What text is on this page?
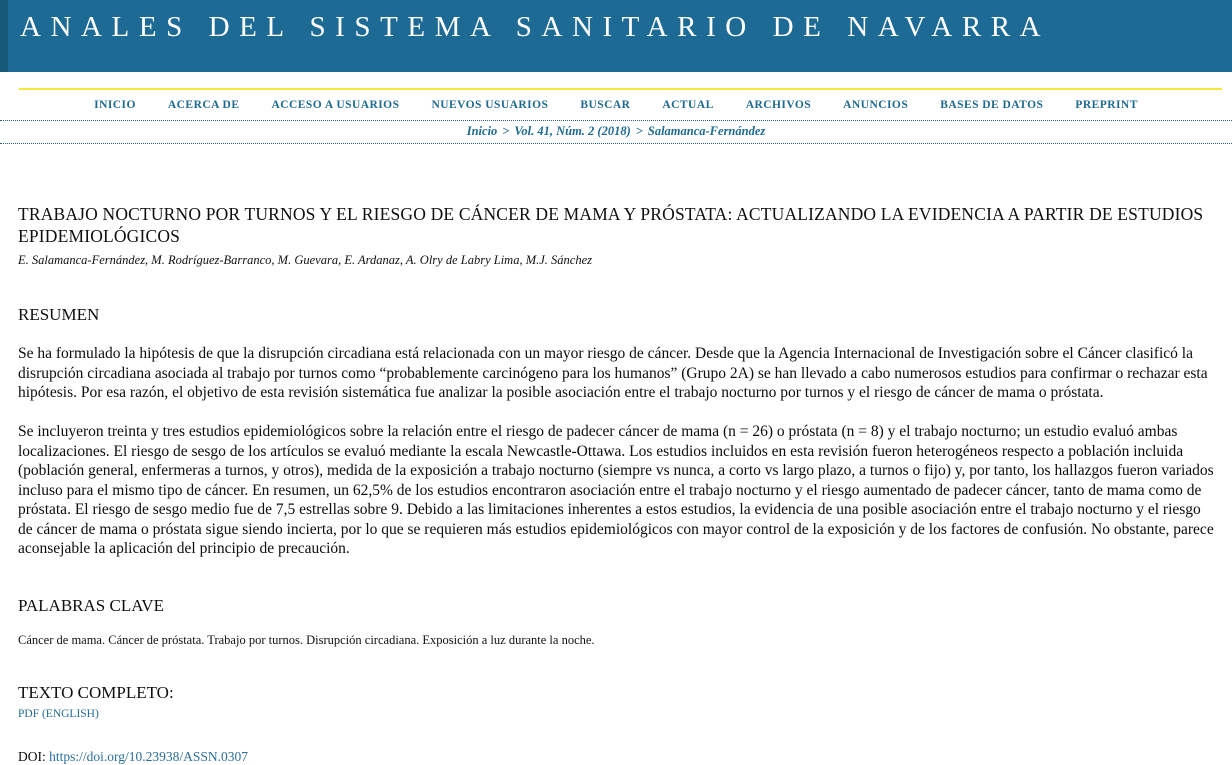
ANALES DEL SISTEMA SANITARIO DE NAVARRA
INICIO	ACERCA DE	ACCESO A USUARIOS	NUEVOS USUARIOS	BUSCAR	ACTUAL	ARCHIVOS	ANUNCIOS	BASES DE DATOS	PREPRINT
Inicio > Vol. 41, Núm. 2 (2018) > Salamanca-Fernández
TRABAJO NOCTURNO POR TURNOS Y EL RIESGO DE CÁNCER DE MAMA Y PRÓSTATA: ACTUALIZANDO LA EVIDENCIA A PARTIR DE ESTUDIOS EPIDEMIOLÓGICOS
E. Salamanca-Fernández, M. Rodríguez-Barranco, M. Guevara, E. Ardanaz, A. Olry de Labry Lima, M.J. Sánchez
RESUMEN

Se ha formulado la hipótesis de que la disrupción circadiana está relacionada con un mayor riesgo de cáncer. Desde que la Agencia Internacional de Investigación sobre el Cáncer clasificó la disrupción circadiana asociada al trabajo por turnos como “probablemente carcinógeno para los humanos” (Grupo 2A) se han llevado a cabo numerosos estudios para confirmar o rechazar esta hipótesis. Por esa razón, el objetivo de esta revisión sistemática fue analizar la posible asociación entre el trabajo nocturno por turnos y el riesgo de cáncer de mama o próstata.

Se incluyeron treinta y tres estudios epidemiológicos sobre la relación entre el riesgo de padecer cáncer de mama (n = 26) o próstata (n = 8) y el trabajo nocturno; un estudio evaluó ambas localizaciones. El riesgo de sesgo de los artículos se evaluó mediante la escala Newcastle-Ottawa. Los estudios incluidos en esta revisión fueron heterogéneos respecto a población incluida (población general, enfermeras a turnos, y otros), medida de la exposición a trabajo nocturno (siempre vs nunca, a corto vs largo plazo, a turnos o fijo) y, por tanto, los hallazgos fueron variados incluso para el mismo tipo de cáncer. En resumen, un 62,5% de los estudios encontraron asociación entre el trabajo nocturno y el riesgo aumentado de padecer cáncer, tanto de mama como de próstata. El riesgo de sesgo medio fue de 7,5 estrellas sobre 9. Debido a las limitaciones inherentes a estos estudios, la evidencia de una posible asociación entre el trabajo nocturno y el riesgo de cáncer de mama o próstata sigue siendo incierta, por lo que se requieren más estudios epidemiológicos con mayor control de la exposición y de los factores de confusión. No obstante, parece aconsejable la aplicación del principio de precaución.

PALABRAS CLAVE
Cáncer de mama. Cáncer de próstata. Trabajo por turnos. Disrupción circadiana. Exposición a luz durante la noche.
TEXTO COMPLETO:
PDF (ENGLISH)
DOI: https://doi.org/10.23938/ASSN.0307
